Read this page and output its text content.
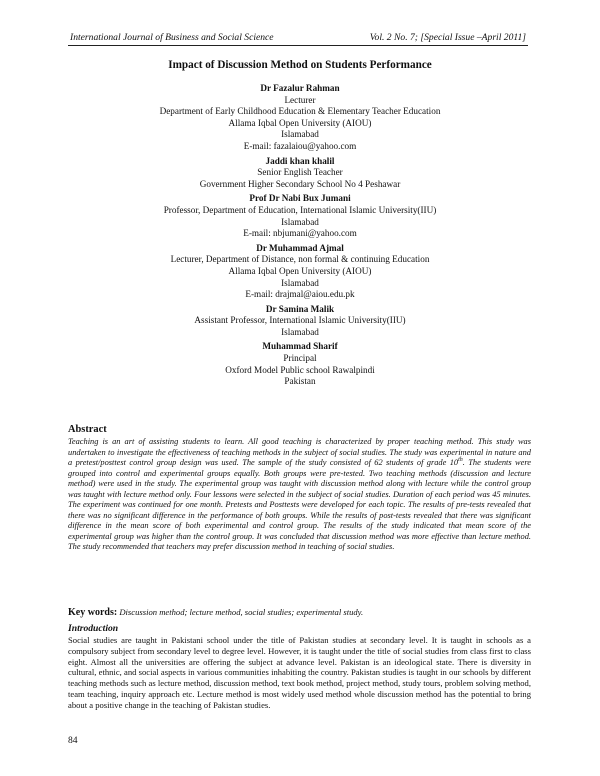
International Journal of Business and Social Science	Vol. 2 No. 7; [Special Issue –April 2011]
Impact of Discussion Method on Students Performance
Dr Fazalur Rahman
Lecturer
Department of Early Childhood Education & Elementary Teacher Education
Allama Iqbal Open University (AIOU)
Islamabad
E-mail: fazalaiou@yahoo.com
Jaddi khan khalil
Senior English Teacher
Government Higher Secondary School No 4 Peshawar
Prof Dr Nabi Bux Jumani
Professor, Department of Education, International Islamic University(IIU)
Islamabad
E-mail: nbjumani@yahoo.com
Dr Muhammad Ajmal
Lecturer, Department of Distance, non formal & continuing Education
Allama Iqbal Open University (AIOU)
Islamabad
E-mail: drajmal@aiou.edu.pk
Dr Samina Malik
Assistant Professor, International Islamic University(IIU)
Islamabad
Muhammad Sharif
Principal
Oxford Model Public school Rawalpindi
Pakistan
Abstract
Teaching is an art of assisting students to learn. All good teaching is characterized by proper teaching method. This study was undertaken to investigate the effectiveness of teaching methods in the subject of social studies. The study was experimental in nature and a pretest/posttest control group design was used. The sample of the study consisted of 62 students of grade 10th. The students were grouped into control and experimental groups equally. Both groups were pre-tested. Two teaching methods (discussion and lecture method) were used in the study. The experimental group was taught with discussion method along with lecture while the control group was taught with lecture method only. Four lessons were selected in the subject of social studies. Duration of each period was 45 minutes. The experiment was continued for one month. Pretests and Posttests were developed for each topic. The results of pre-tests revealed that there was no significant difference in the performance of both groups. While the results of post-tests revealed that there was significant difference in the mean score of both experimental and control group. The results of the study indicated that mean score of the experimental group was higher than the control group. It was concluded that discussion method was more effective than lecture method. The study recommended that teachers may prefer discussion method in teaching of social studies.
Key words: Discussion method; lecture method, social studies; experimental study.
Introduction
Social studies are taught in Pakistani school under the title of Pakistan studies at secondary level. It is taught in schools as a compulsory subject from secondary level to degree level. However, it is taught under the title of social studies from class first to class eight. Almost all the universities are offering the subject at advance level. Pakistan is an ideological state. There is diversity in cultural, ethnic, and social aspects in various communities inhabiting the country. Pakistan studies is taught in our schools by different teaching methods such as lecture method, discussion method, text book method, project method, study tours, problem solving method, team teaching, inquiry approach etc. Lecture method is most widely used method whole discussion method has the potential to bring about a positive change in the teaching of Pakistan studies.
84
